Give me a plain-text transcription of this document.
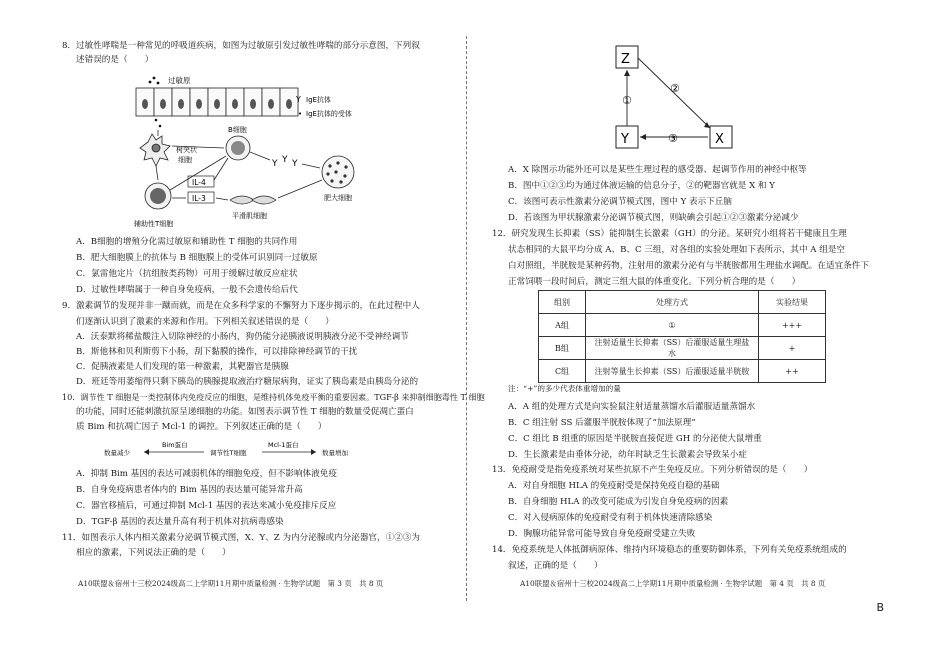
8．过敏性哮喘是一种常见的呼吸道疾病，如图为过敏原引发过敏性哮喘的部分示意图，下列叙
述错误的是（　　）
过敏原
Y IgE抗体
• IgE抗体的受体
树突状
细胞
B细胞
辅助性T细胞
IL-4
IL-3
Y Y Y
肥大细胞
平滑肌细胞
A．B细胞的增殖分化需过敏原和辅助性 T 细胞的共同作用
B．肥大细胞膜上的抗体与 B 细胞膜上的受体可识别同一过敏原
C．氯雷他定片（抗组胺类药物）可用于缓解过敏反应症状
D．过敏性哮喘属于一种自身免疫病，一般不会遗传给后代
9．激素调节的发现并非一蹴而就，而是在众多科学家的不懈努力下逐步揭示的，在此过程中人
们逐渐认识到了激素的来源和作用。下列相关叙述错误的是（　　）
A．沃泰默将稀盐酸注入切除神经的小肠内，狗仍能分泌胰液说明胰液分泌不受神经调节
B．斯他林和贝利斯剪下小肠，刮下黏膜的操作，可以排除神经调节的干扰
C．促胰液素是人们发现的第一种激素，其靶器官是胰腺
D．班廷等用萎缩得只剩下胰岛的胰腺提取液治疗糖尿病狗，证实了胰岛素是由胰岛分泌的
10．调节性 T 细胞是一类控制体内免疫反应的细胞，是维持机体免疫平衡的重要因素。TGF-β 来抑制细胞毒性 T 细胞
的功能，同时还能刺激抗原呈递细胞的功能。如图表示调节性 T 细胞的数量受促凋亡蛋白
质 Bim 和抗凋亡因子 Mcl-1 的调控。下列叙述正确的是（　　）
数量减少
Bim蛋白
调节性T细胞
Mcl-1蛋白
数量增加
A．抑制 Bim 基因的表达可减弱机体的细胞免疫，但不影响体液免疫
B．自身免疫病患者体内的 Bim 基因的表达量可能异常升高
C．器官移植后，可通过抑制 Mcl-1 基因的表达来减小免疫排斥反应
D．TGF-β 基因的表达量升高有利于机体对抗病毒感染
11．如图表示人体内相关激素分泌调节模式图，X、Y、Z 为内分泌腺或内分泌器官，①②③为
相应的激素，下列说法正确的是（　　）
A10联盟＆宿州十三校2024级高二上学期11月期中质量检测 · 生物学试题　第 3 页　共 8 页
Z
Y	X
①
②
③
A．X 除图示功能外还可以是某些生理过程的感受器、起调节作用的神经中枢等
B．图中①②③均为通过体液运输的信息分子，②的靶器官就是 X 和 Y
C．该图可表示性激素分泌调节模式图，图中 Y 表示下丘脑
D．若该图为甲状腺激素分泌调节模式图，则缺碘会引起①②③激素分泌减少
12．研究发现生长抑素（SS）能抑制生长激素（GH）的分泌。某研究小组将若干健康且生理
状态相同的大鼠平均分成 A、B、C 三组，对各组的实验处理如下表所示，其中 A 组是空
白对照组，半胱胺是某种药物，注射用的激素分泌有与半胱胺都用生理盐水调配。在适宜条件下
正常饲喂一段时间后，测定三组大鼠的体重变化。下列分析合理的是（　　）
组别	处理方式	实验结果
A组	①	+++
B组	注射适量生长抑素（SS）后灌服适量生理盐水	+
C组	注射等量生长抑素（SS）后灌服适量半胱胺	++
注：“+”的多少代表体重增加的量
A．A 组的处理方式是向实验鼠注射适量蒸馏水后灌服适量蒸馏水
B．C 组注射 SS 后灌服半胱胺体现了“加法原理”
C．C 组比 B 组重的原因是半胱胺直接促进 GH 的分泌使大鼠增重
D．生长激素是由垂体分泌，幼年时缺乏生长激素会导致呆小症
13．免疫耐受是指免疫系统对某些抗原不产生免疫反应。下列分析错误的是（　　）
A．对自身细胞 HLA 的免疫耐受是保持免疫自稳的基础
B．自身细胞 HLA 的改变可能成为引发自身免疫病的因素
C．对入侵病原体的免疫耐受有利于机体快速清除感染
D．胸腺功能异常可能导致自身免疫耐受建立失败
14．免疫系统是人体抵御病原体、维持内环境稳态的重要防御体系，下列有关免疫系统组成的
叙述，正确的是（　　）
A10联盟＆宿州十三校2024级高二上学期11月期中质量检测 · 生物学试题　第 4 页　共 8 页
B
